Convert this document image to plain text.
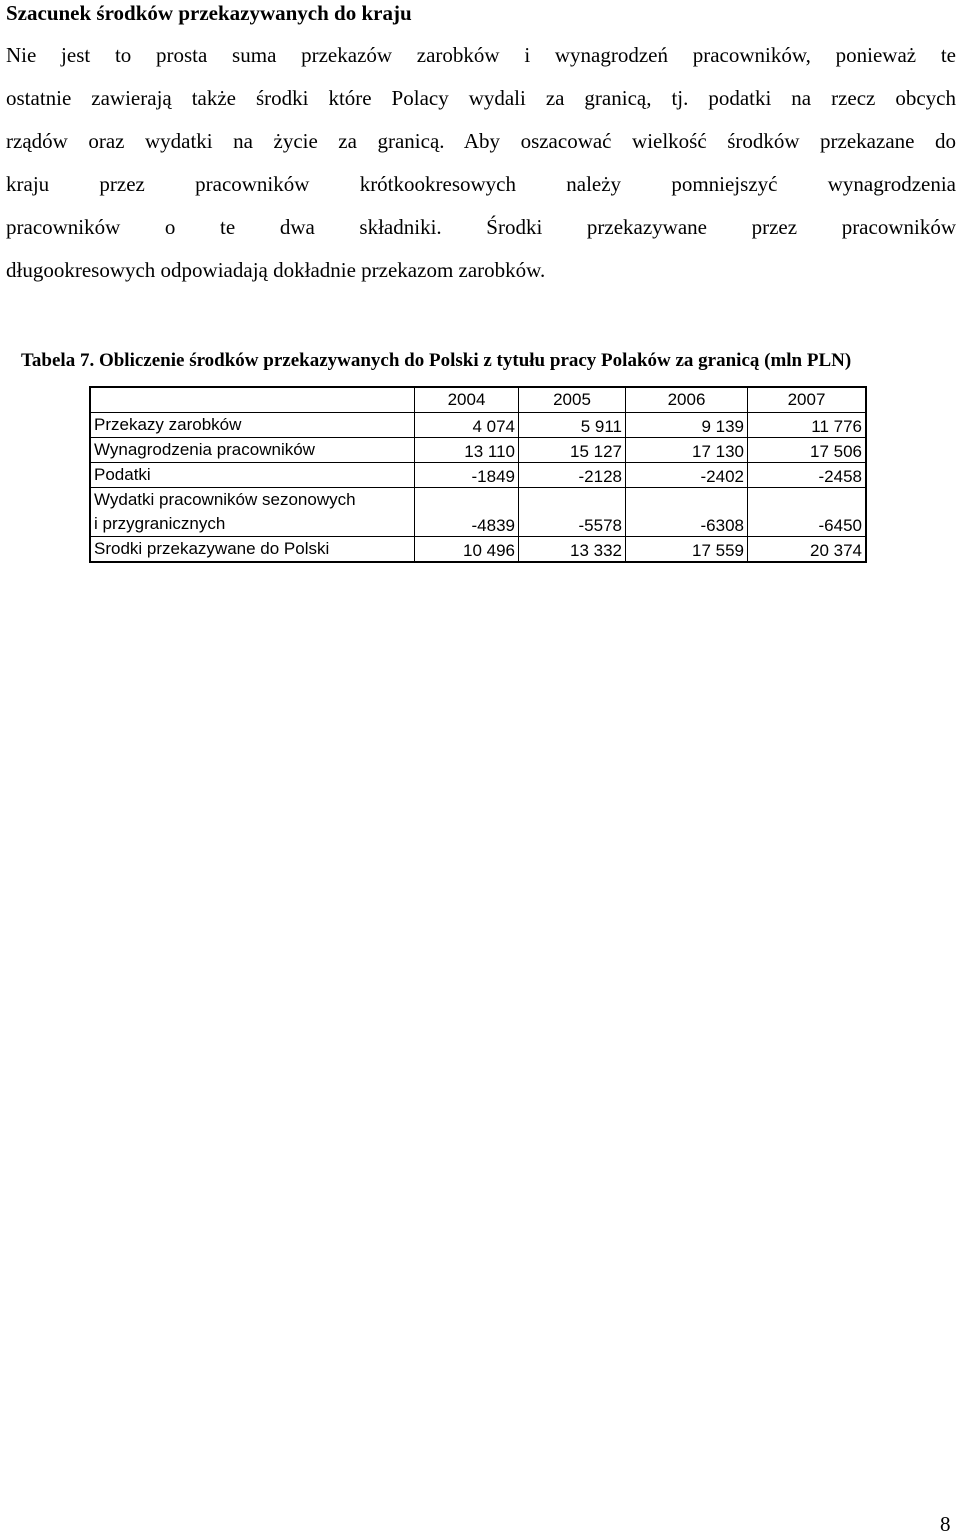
Szacunek środków przekazywanych do kraju

Nie jest to prosta suma przekazów zarobków i wynagrodzeń pracowników, ponieważ te
ostatnie zawierają także środki które Polacy wydali za granicą, tj. podatki na rzecz obcych
rządów oraz wydatki na życie za granicą. Aby oszacować wielkość środków przekazane do
kraju przez pracowników krótkookresowych należy pomniejszyć wynagrodzenia
pracowników o te dwa składniki. Środki przekazywane przez pracowników
długookresowych odpowiadają dokładnie przekazom zarobków.

Tabela 7. Obliczenie środków przekazywanych do Polski z tytułu pracy Polaków za granicą (mln PLN)
	2004	2005	2006	2007
Przekazy zarobków	4 074	5 911	9 139	11 776
Wynagrodzenia pracowników	13 110	15 127	17 130	17 506
Podatki	-1849	-2128	-2402	-2458

Wydatki pracowników sezonowych
i przygranicznych	-4839	-5578	-6308	-6450
Srodki przekazywane do Polski	10 496	13 332	17 559	20 374
8
